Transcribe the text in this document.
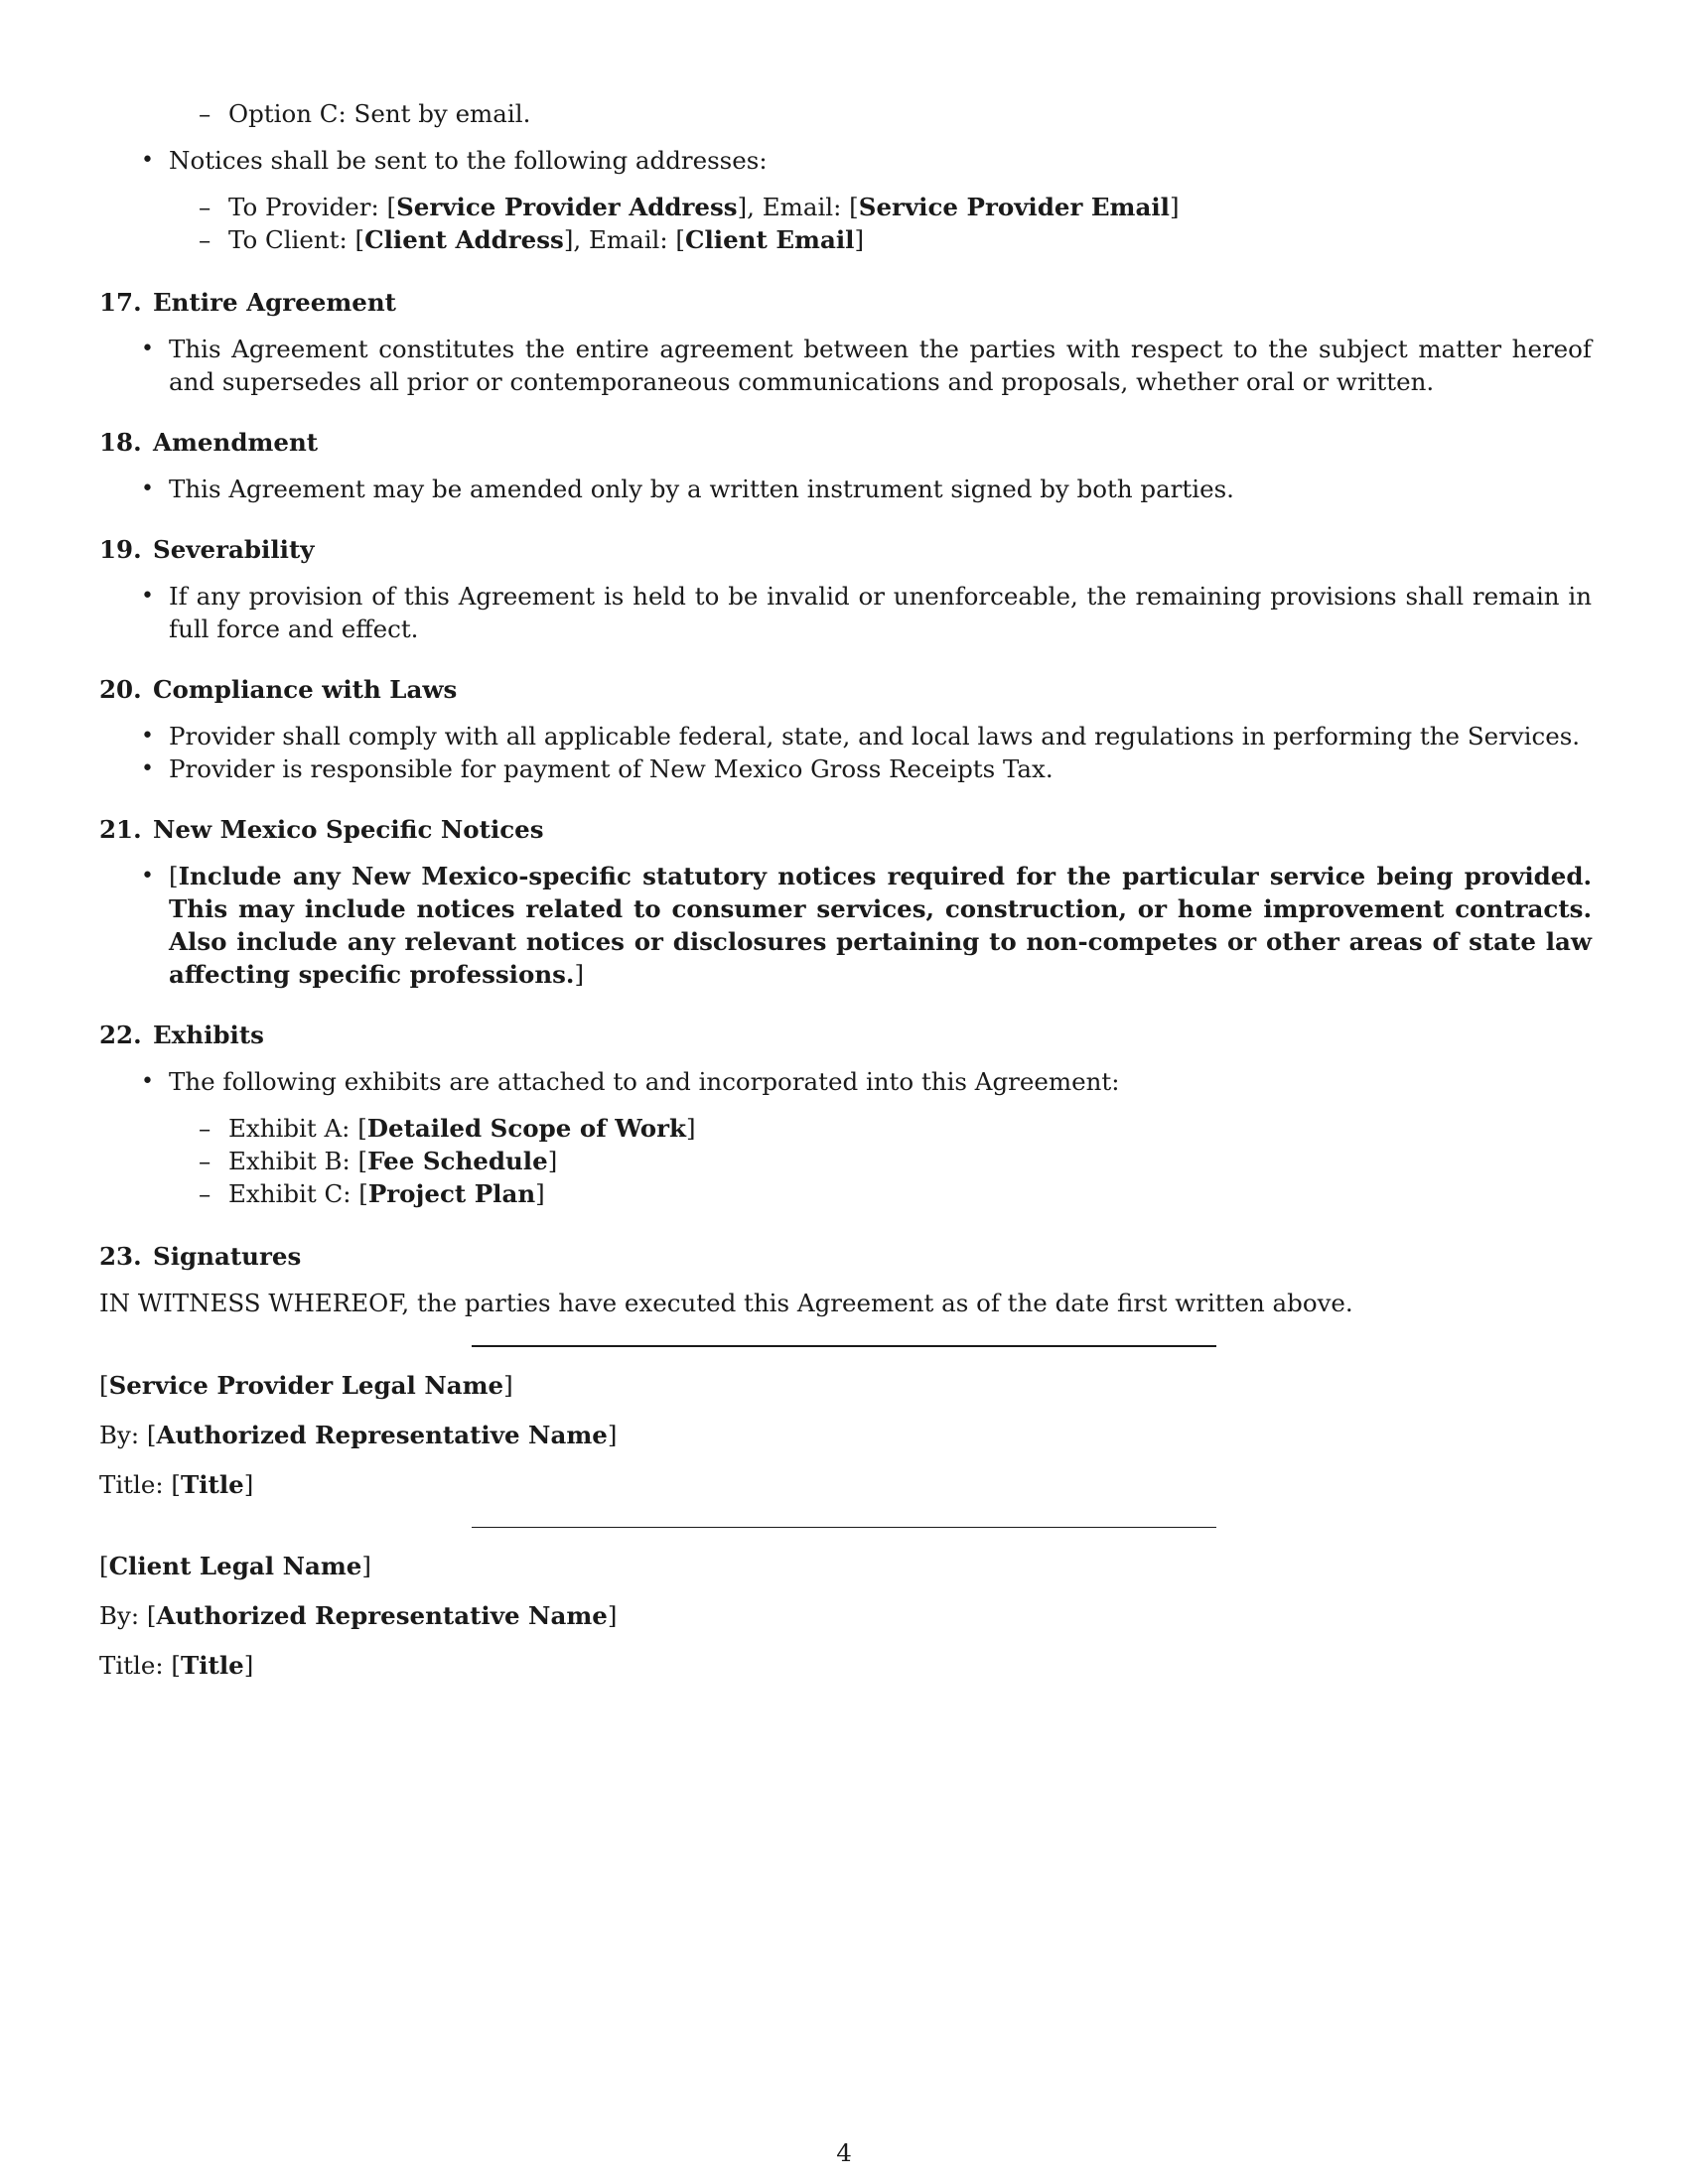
– Option C: Sent by email.
• Notices shall be sent to the following addresses:
– To Provider: [Service Provider Address], Email: [Service Provider Email]
– To Client: [Client Address], Email: [Client Email]
17. Entire Agreement
• This Agreement constitutes the entire agreement between the parties with respect to the subject matter hereof and supersedes all prior or contemporaneous communications and proposals, whether oral or written.
18. Amendment
• This Agreement may be amended only by a written instrument signed by both parties.
19. Severability
• If any provision of this Agreement is held to be invalid or unenforceable, the remaining provisions shall remain in full force and effect.
20. Compliance with Laws
• Provider shall comply with all applicable federal, state, and local laws and regulations in performing the Services.
• Provider is responsible for payment of New Mexico Gross Receipts Tax.
21. New Mexico Specific Notices
• [Include any New Mexico-specific statutory notices required for the particular service being provided. This may include notices related to consumer services, construction, or home improvement contracts. Also include any relevant notices or disclosures pertaining to non-competes or other areas of state law affecting specific professions.]
22. Exhibits
• The following exhibits are attached to and incorporated into this Agreement:
– Exhibit A: [Detailed Scope of Work]
– Exhibit B: [Fee Schedule]
– Exhibit C: [Project Plan]
23. Signatures

IN WITNESS WHEREOF, the parties have executed this Agreement as of the date first written above.

[Service Provider Legal Name]

By: [Authorized Representative Name]

Title: [Title]

[Client Legal Name]

By: [Authorized Representative Name]

Title: [Title]

4
